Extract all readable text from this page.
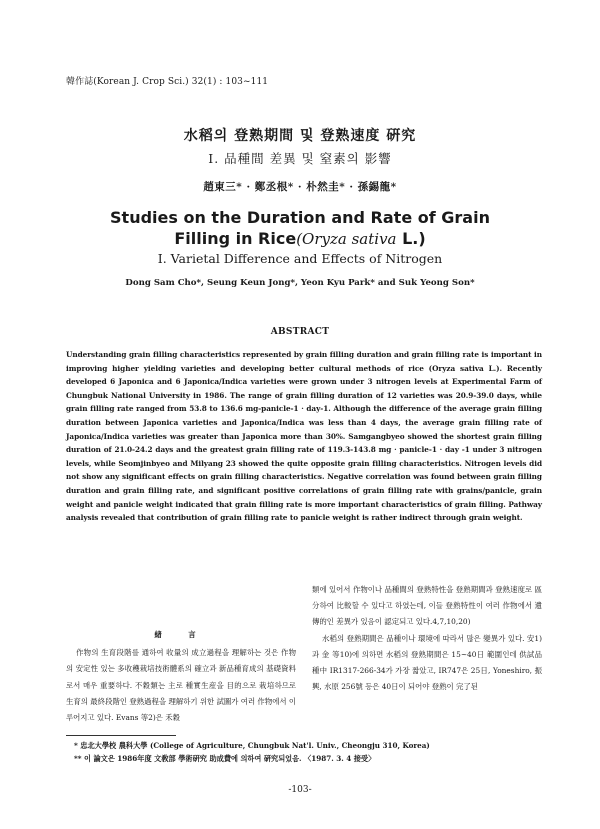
韓作誌(Korean J. Crop Sci.) 32(1) : 103~111
水稻의 登熟期間 및 登熟速度 硏究
Ⅰ. 品種間 差異 및 窒素의 影響
趙東三* · 鄭丞根* · 朴然圭* · 孫錫龍*
Studies on the Duration and Rate of Grain
Filling in Rice(Oryza sativa L.)
Ⅰ. Varietal Difference and Effects of Nitrogen
Dong Sam Cho*, Seung Keun Jong*, Yeon Kyu Park* and Suk Yeong Son*
ABSTRACT
Understanding grain filling characteristics represented by grain filling duration and grain filling rate is important in improving higher yielding varieties and developing better cultural methods of rice (Oryza sativa L.). Recently developed 6 Japonica and 6 Japonica/Indica varieties were grown under 3 nitrogen levels at Experimental Farm of Chungbuk National University in 1986. The range of grain filling duration of 12 varieties was 20.9-39.0 days, while grain filling rate ranged from 53.8 to 136.6 mg-panicle-1 · day-1. Although the difference of the average grain filling duration between Japonica varieties and Japonica/Indica was less than 4 days, the average grain filling rate of Japonica/Indica varieties was greater than Japonica more than 30%. Samgangbyeo showed the shortest grain filling duration of 21.0-24.2 days and the greatest grain filling rate of 119.3-143.8 mg · panicle-1 · day -1 under 3 nitrogen levels, while Seomjinbyeo and Milyang 23 showed the quite opposite grain filling characteristics. Nitrogen levels did not show any significant effects on grain filling characteristics. Negative correlation was found between grain filling duration and grain filling rate, and significant positive correlations of grain filling rate with grains/panicle, grain weight and panicle weight indicated that grain filling rate is more important characteristics of grain filling. Pathway analysis revealed that contribution of grain filling rate to panicle weight is rather indirect through grain weight.
緖 言
作物의 生育段階를 通하여 收量의 成立過程을 理解하는 것은 作物의 安定性 있는 多收穫栽培技術體系의 確立과 新品種育成의 基礎資料로서 매우 重要하다. 不穀類는 主로 種實生産을 目的으로 栽培하므로 生育의 最終段階인 登熟過程을 理解하기 위한 試圖가 여러 作物에서 이루어지고 있다. Evans 等2)은 禾穀
類에 있어서 作物이나 品種間의 登熟特性을 登熟期間과 登熟速度로 區分하여 比較할 수 있다고 하였는데, 이들 登熟特性이 여러 作物에서 遺傳的인 差異가 있음이 認定되고 있다.4,7,10,20)
水稻의 登熟期間은 品種이나 環境에 따라서 많은 變異가 있다. 安1)과 金 等10)에 의하면 水稻의 登熟期間은 15~40日 範圍인데 供試品種中 IR1317-266-34가 가장 짧았고, IR747은 25日, Yoneshiro, 振興, 水原 256號 등은 40日이 되어야 登熟이 完了된
* 忠北大學校 農科大學 (College of Agriculture, Chungbuk Nat'l. Univ., Cheongju 310, Korea)
** 이 論文은 1986年度 文敎部 學術硏究 助成費에 의하여 硏究되었음. 〈1987. 3. 4 接受〉
-103-
